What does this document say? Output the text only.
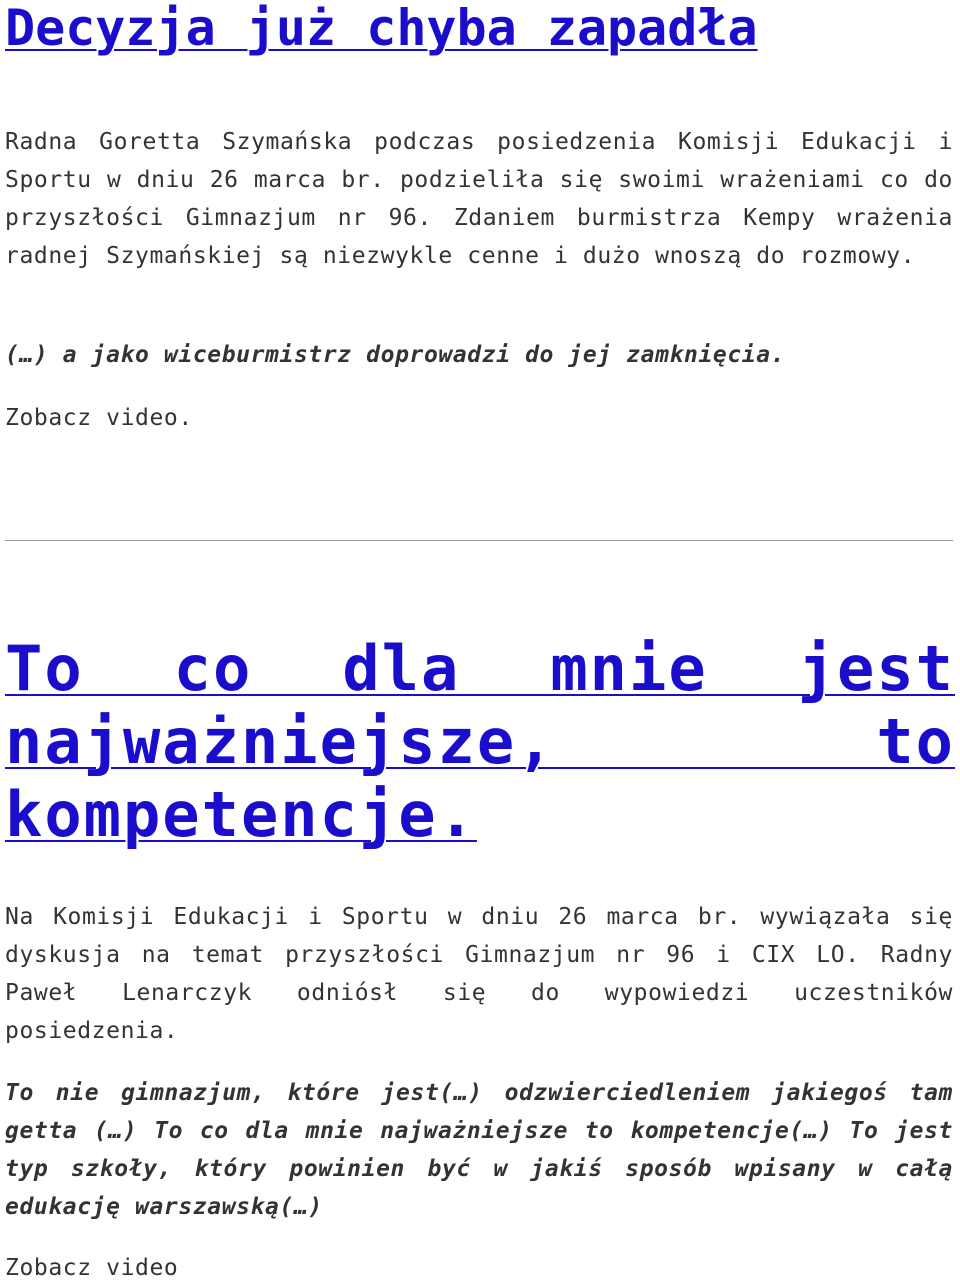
Decyzja już chyba zapadła

Radna Goretta Szymańska podczas posiedzenia Komisji Edukacji i Sportu w dniu 26 marca br. podzieliła się swoimi wrażeniami co do przyszłości Gimnazjum nr 96. Zdaniem burmistrza Kempy wrażenia radnej Szymańskiej są niezwykle cenne i dużo wnoszą do rozmowy.

(…) a jako wiceburmistrz doprowadzi do jej zamknięcia.

Zobacz video.
To co dla mnie jest najważniejsze, to kompetencje.

Na Komisji Edukacji i Sportu w dniu 26 marca br. wywiązała się dyskusja na temat przyszłości Gimnazjum nr 96 i CIX LO. Radny Paweł Lenarczyk odniósł się do wypowiedzi uczestników posiedzenia.

To nie gimnazjum, które jest(…) odzwierciedleniem jakiegoś tam getta (…) To co dla mnie najważniejsze to kompetencje(…) To jest typ szkoły, który powinien być w jakiś sposób wpisany w całą edukację warszawską(…)

Zobacz video
